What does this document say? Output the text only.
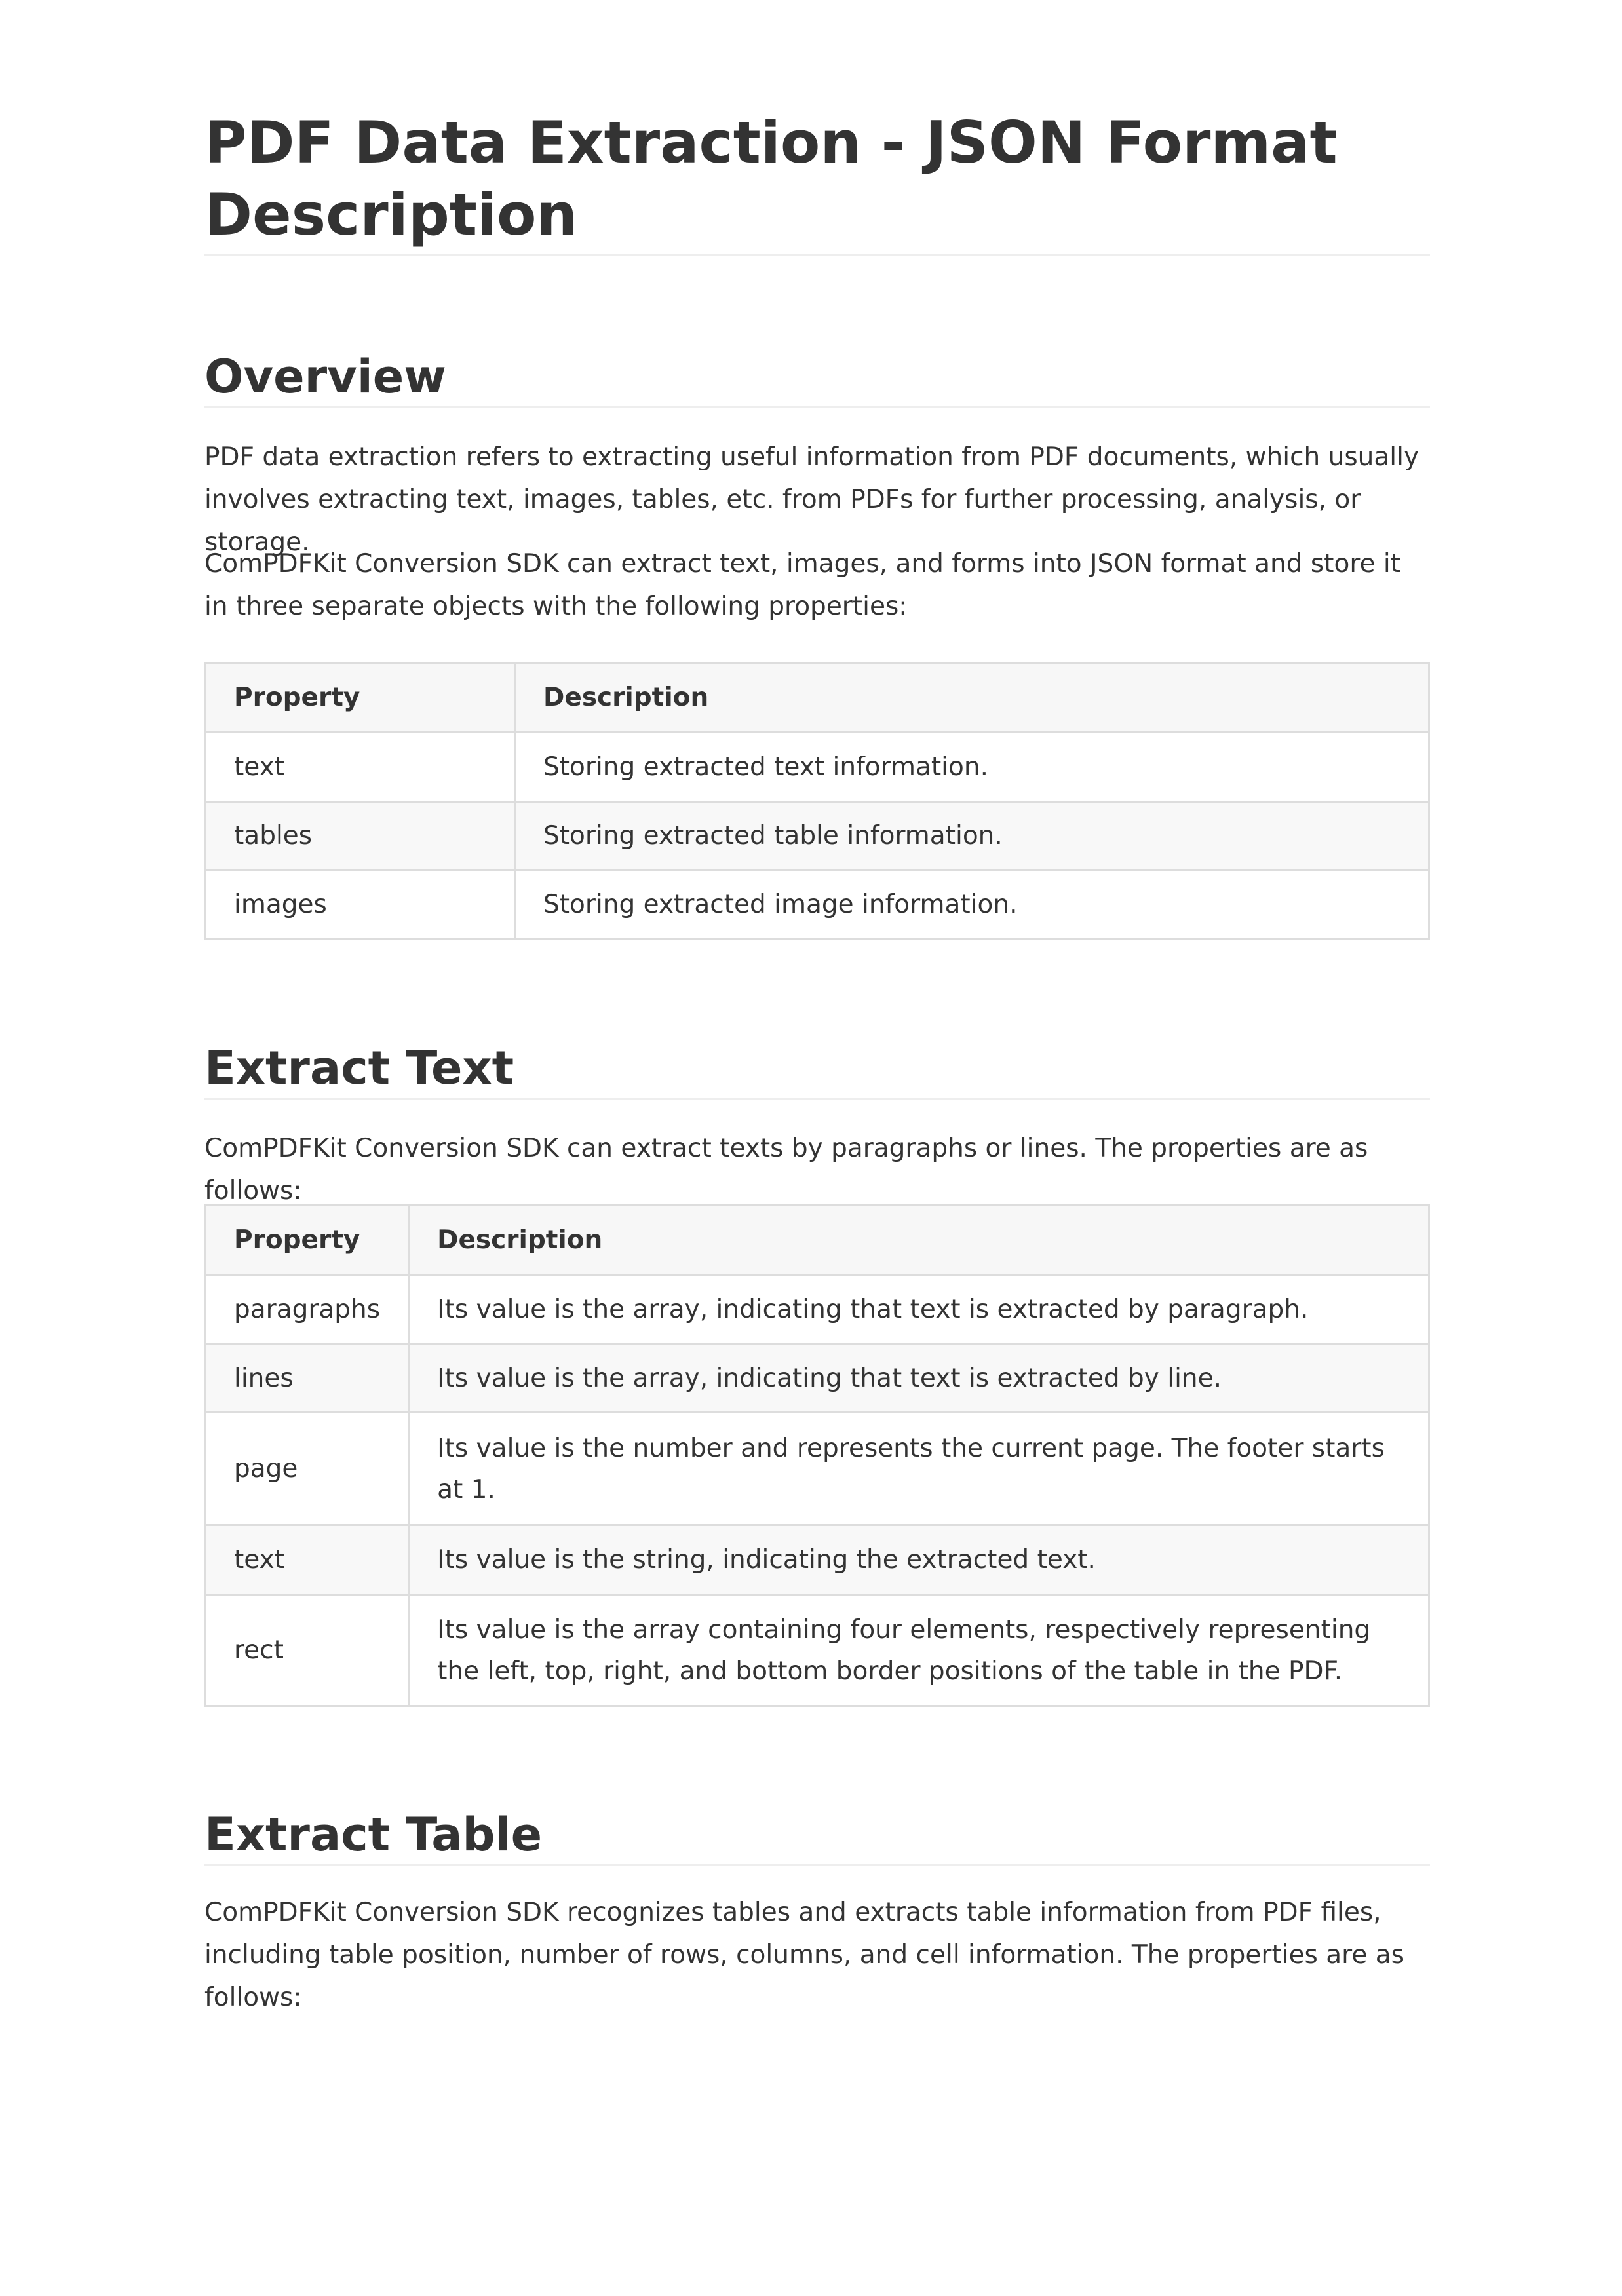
PDF Data Extraction - JSON Format Description
Overview

PDF data extraction refers to extracting useful information from PDF documents, which usually involves extracting text, images, tables, etc. from PDFs for further processing, analysis, or storage.

ComPDFKit Conversion SDK can extract text, images, and forms into JSON format and store it in three separate objects with the following properties:

Property	Description
text	Storing extracted text information.
tables	Storing extracted table information.
images	Storing extracted image information.
Extract Text

ComPDFKit Conversion SDK can extract texts by paragraphs or lines. The properties are as follows:

Property	Description
paragraphs	Its value is the array, indicating that text is extracted by paragraph.
lines	Its value is the array, indicating that text is extracted by line.
page	Its value is the number and represents the current page. The footer starts at 1.
text	Its value is the string, indicating the extracted text.
rect	Its value is the array containing four elements, respectively representing the left, top, right, and bottom border positions of the table in the PDF.
Extract Table

ComPDFKit Conversion SDK recognizes tables and extracts table information from PDF files, including table position, number of rows, columns, and cell information. The properties are as follows:
